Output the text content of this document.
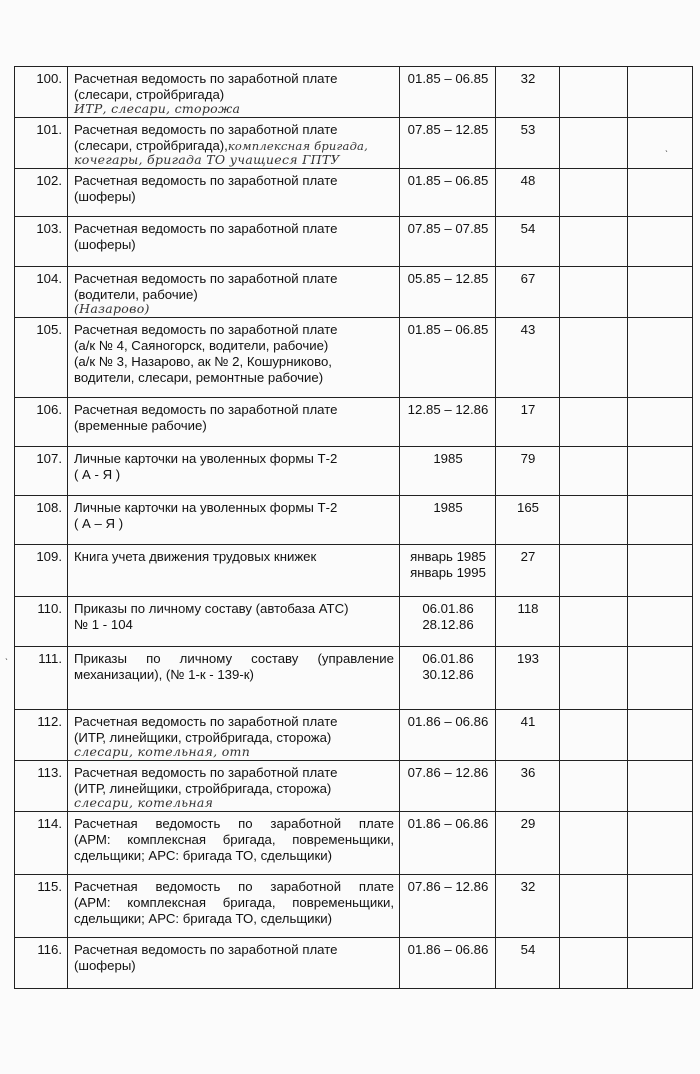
100.	Расчетная ведомость по заработной плате
(слесари, стройбригада)
ИТР, слесари, сторожа	01.85 – 06.85	32		
101.	Расчетная ведомость по заработной плате
(слесари, стройбригада),комплексная бригада,
кочегары, бригада ТО учащиеся ГПТУ	07.85 – 12.85	53		
102.	Расчетная ведомость по заработной плате
(шоферы)	01.85 – 06.85	48		
103.	Расчетная ведомость по заработной плате
(шоферы)	07.85 – 07.85	54		
104.	Расчетная ведомость по заработной плате
(водители, рабочие)
(Назарово)	05.85 – 12.85	67		
105.	Расчетная ведомость по заработной плате
(а/к № 4, Саяногорск, водители, рабочие)
(а/к № 3, Назарово, ак № 2, Кошурниково,
водители, слесари, ремонтные рабочие)	01.85 – 06.85	43		
106.	Расчетная ведомость по заработной плате
(временные рабочие)	12.85 – 12.86	17		
107.	Личные карточки на уволенных формы Т-2
( А - Я )	1985	79		
108.	Личные карточки на уволенных формы Т-2
( А – Я )	1985	165		
109.	Книга учета движения трудовых книжек	январь 1985
январь 1995	27		
110.	Приказы по личному составу (автобаза АТС)
№ 1 - 104	06.01.86
28.12.86	118		
111.	Приказы по личному составу (управление
механизации), (№ 1-к - 139-к)	06.01.86
30.12.86	193		
112.	Расчетная ведомость по заработной плате
(ИТР, линейщики, стройбригада, сторожа)
слесари, котельная, отп	01.86 – 06.86	41		
113.	Расчетная ведомость по заработной плате
(ИТР, линейщики, стройбригада, сторожа)
слесари, котельная	07.86 – 12.86	36		
114.	Расчетная ведомость по заработной плате
(АРМ: комплексная бригада, повременьщики,
сдельщики; АРС: бригада ТО, сдельщики)	01.86 – 06.86	29		
115.	Расчетная ведомость по заработной плате
(АРМ: комплексная бригада, повременьщики,
сдельщики; АРС: бригада ТО, сдельщики)	07.86 – 12.86	32		
116.	Расчетная ведомость по заработной плате
(шоферы)	01.86 – 06.86	54		
ˎ
ˎ
